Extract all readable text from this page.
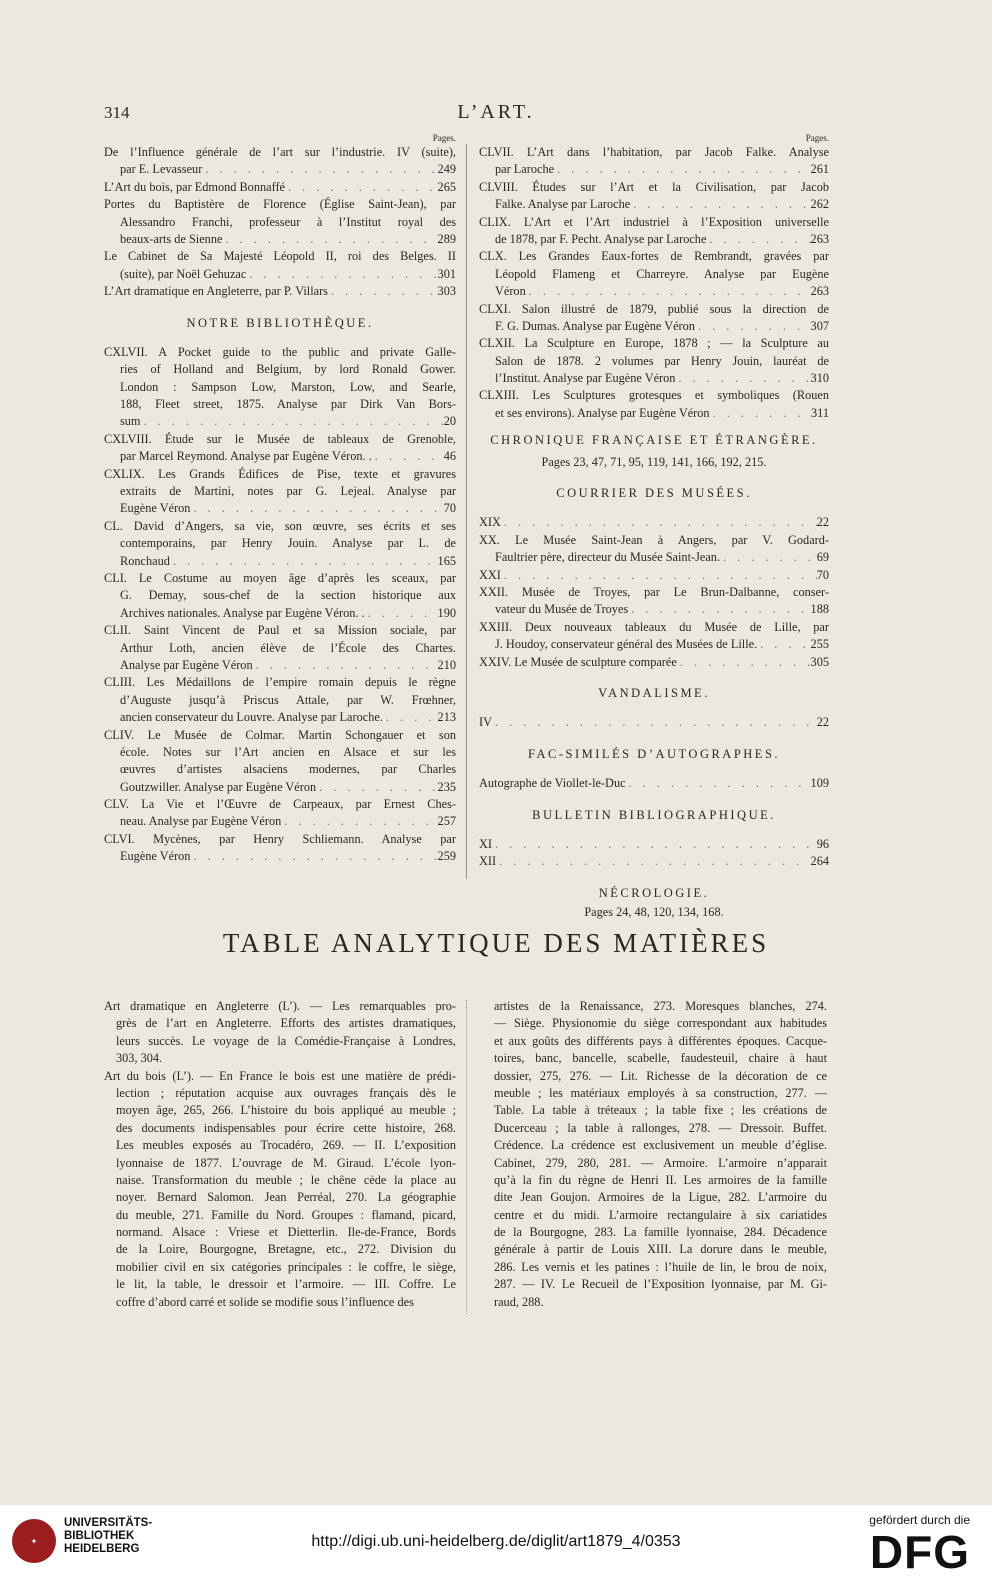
314	L’ART.
Pages.
De l’Influence générale de l’art sur l’industrie. IV (suite),
par E. Levasseur . . .	249
L’Art du bois, par Edmond Bonnaffé . . .	265
Portes du Baptistère de Florence (Église Saint-Jean), par
Alessandro Franchi, professeur à l’Institut royal des
beaux-arts de Sienne . . .	289
Le Cabinet de Sa Majesté Léopold II, roi des Belges. II
(suite), par Noël Gehuzac . . .	301
L’Art dramatique en Angleterre, par P. Villars . . .	303
NOTRE BIBLIOTHÈQUE.
CXLVII. A Pocket guide to the public and private Galle-
ries of Holland and Belgium, by lord Ronald Gower.
London : Sampson Low, Marston, Low, and Searle,
188, Fleet street, 1875. Analyse par Dirk Van Bors-
sum . . .	20
CXLVIII. Étude sur le Musée de tableaux de Grenoble,
par Marcel Reymond. Analyse par Eugène Véron. . . . .	46
CXLIX. Les Grands Édifices de Pise, texte et gravures
extraits de Martini, notes par G. Lejeal. Analyse par
Eugène Véron . . .	70
CL. David d’Angers, sa vie, son œuvre, ses écrits et ses
contemporains, par Henry Jouin. Analyse par L. de
Ronchaud . . .	165
CLI. Le Costume au moyen âge d’après les sceaux, par
G. Demay, sous-chef de la section historique aux
Archives nationales. Analyse par Eugène Véron. . . . .	190
CLII. Saint Vincent de Paul et sa Mission sociale, par
Arthur Loth, ancien élève de l’École des Chartes.
Analyse par Eugène Véron . . .	210
CLIII. Les Médaillons de l’empire romain depuis le règne
d’Auguste jusqu’à Priscus Attale, par W. Frœhner,
ancien conservateur du Louvre. Analyse par Laroche. . . .	213
CLIV. Le Musée de Colmar. Martin Schongauer et son
école. Notes sur l’Art ancien en Alsace et sur les
œuvres d’artistes alsaciens modernes, par Charles
Goutzwiller. Analyse par Eugène Véron . . .	235
CLV. La Vie et l’Œuvre de Carpeaux, par Ernest Ches-
neau. Analyse par Eugène Véron . . .	257
CLVI. Mycènes, par Henry Schliemann. Analyse par
Eugène Véron . . .	259
Pages.
CLVII. L’Art dans l’habitation, par Jacob Falke. Analyse
par Laroche . . .	261
CLVIII. Études sur l’Art et la Civilisation, par Jacob
Falke. Analyse par Laroche . . .	262
CLIX. L’Art et l’Art industriel à l’Exposition universelle
de 1878, par F. Pecht. Analyse par Laroche . . .	263
CLX. Les Grandes Eaux-fortes de Rembrandt, gravées par
Léopold Flameng et Charreyre. Analyse par Eugène
Véron . . .	263
CLXI. Salon illustré de 1879, publié sous la direction de
F. G. Dumas. Analyse par Eugène Véron . . .	307
CLXII. La Sculpture en Europe, 1878 ; — la Sculpture au
Salon de 1878. 2 volumes par Henry Jouin, lauréat de
l’Institut. Analyse par Eugène Véron . . .	310
CLXIII. Les Sculptures grotesques et symboliques (Rouen
et ses environs). Analyse par Eugène Véron . . .	311
CHRONIQUE FRANÇAISE ET ÉTRANGÈRE.
Pages 23, 47, 71, 95, 119, 141, 166, 192, 215.
COURRIER DES MUSÉES.
XIX . . .	22
XX. Le Musée Saint-Jean à Angers, par V. Godard-
Faultrier père, directeur du Musée Saint-Jean. . . .	69
XXI . . .	70
XXII. Musée de Troyes, par Le Brun-Dalbanne, conser-
vateur du Musée de Troyes . . .	188
XXIII. Deux nouveaux tableaux du Musée de Lille, par
J. Houdoy, conservateur général des Musées de Lille. . . .	255
XXIV. Le Musée de sculpture comparée . . .	305
VANDALISME.
IV . . .	22
FAC-SIMILÉS D’AUTOGRAPHES.
Autographe de Viollet-le-Duc . . .	109
BULLETIN BIBLIOGRAPHIQUE.
XI . . .	96
XII . . .	264
NÉCROLOGIE.
Pages 24, 48, 120, 134, 168.
TABLE ANALYTIQUE DES MATIÈRES
Art dramatique en Angleterre (L’). — Les remarquables pro-
grès de l’art en Angleterre. Efforts des artistes dramatiques,
leurs succès. Le voyage de la Comédie-Française à Londres,
303, 304.
Art du bois (L’). — En France le bois est une matière de prédi-
lection ; réputation acquise aux ouvrages français dès le
moyen âge, 265, 266. L’histoire du bois appliqué au meuble ;
des documents indispensables pour écrire cette histoire, 268.
Les meubles exposés au Trocadéro, 269. — II. L’exposition
lyonnaise de 1877. L’ouvrage de M. Giraud. L’école lyon-
naise. Transformation du meuble ; le chêne cède la place au
noyer. Bernard Salomon. Jean Perréal, 270. La géographie
du meuble, 271. Famille du Nord. Groupes : flamand, picard,
normand. Alsace : Vriese et Dietterlin. Ile-de-France, Bords
de la Loire, Bourgogne, Bretagne, etc., 272. Division du
mobilier civil en six catégories principales : le coffre, le siège,
le lit, la table, le dressoir et l’armoire. — III. Coffre. Le
coffre d’abord carré et solide se modifie sous l’influence des
artistes de la Renaissance, 273. Moresques blanches, 274.
— Siège. Physionomie du siège correspondant aux habitudes
et aux goûts des différents pays à différentes époques. Cacque-
toires, banc, bancelle, scabelle, faudesteuil, chaire à haut
dossier, 275, 276. — Lit. Richesse de la décoration de ce
meuble ; les matériaux employés à sa construction, 277. —
Table. La table à tréteaux ; la table fixe ; les créations de
Ducerceau ; la table à rallonges, 278. — Dressoir. Buffet.
Crédence. La crédence est exclusivement un meuble d’église.
Cabinet, 279, 280, 281. — Armoire. L’armoire n’apparait
qu’à la fin du règne de Henri II. Les armoires de la famille
dite Jean Goujon. Armoires de la Ligue, 282. L’armoire du
centre et du midi. L’armoire rectangulaire à six cariatides
de la Bourgogne, 283. La famille lyonnaise, 284. Décadence
générale à partir de Louis XIII. La dorure dans le meuble,
286. Les vernis et les patines : l’huile de lin, le brou de noix,
287. — IV. Le Recueil de l’Exposition lyonnaise, par M. Gi-
raud, 288.
✦
UNIVERSITÄTS-
BIBLIOTHEK
HEIDELBERG	http://digi.ub.uni-heidelberg.de/diglit/art1879_4/0353
gefördert durch die
DFG
